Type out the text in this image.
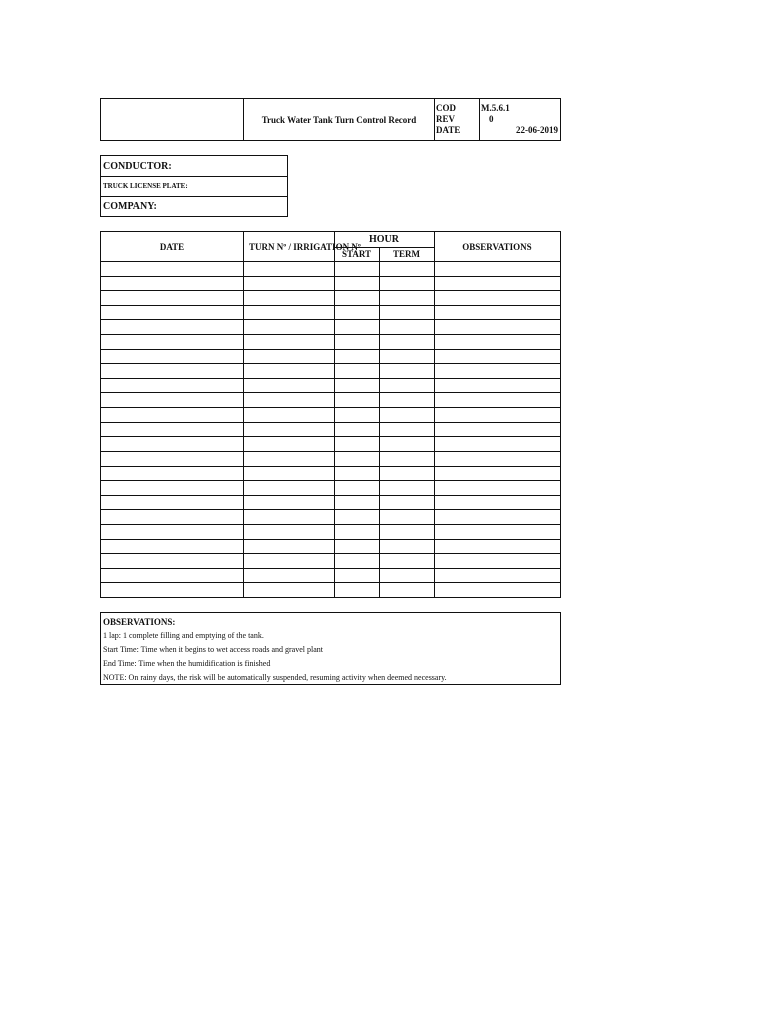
Truck Water Tank Turn Control Record
COD
REV
DATE
M.5.6.1
0
22-06-2019
CONDUCTOR:
TRUCK LICENSE PLATE:
COMPANY:
DATE	TURN Nº / IRRIGATION Nº
HOUR
START	TERM
OBSERVATIONS
OBSERVATIONS:
1 lap: 1 complete filling and emptying of the tank.
Start Time: Time when it begins to wet access roads and gravel plant
End Time: Time when the humidification is finished
NOTE: On rainy days, the risk will be automatically suspended, resuming activity when deemed necessary.
